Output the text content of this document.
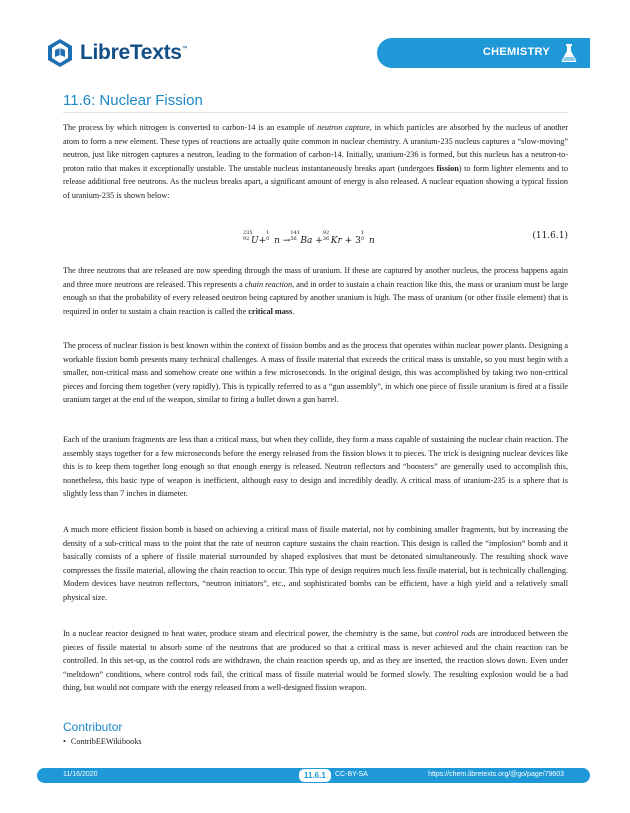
LibreTexts ™	CHEMISTRY
11.6: Nuclear Fission

The process by which nitrogen is converted to carbon-14 is an example of neutron capture, in which particles are absorbed by the nucleus of another atom to form a new element. These types of reactions are actually quite common in nuclear chemistry. A uranium-235 nucleus captures a “slow-moving” neutron, just like nitrogen captures a neutron, leading to the formation of carbon-14. Initially, uranium-236 is formed, but this nucleus has a neutron-to-proton ratio that makes it exceptionally unstable. The unstable nucleus instantaneously breaks apart (undergoes fission) to form lighter elements and to release additional free neutrons. As the nucleus breaks apart, a significant amount of energy is also released. A nuclear equation showing a typical fission of uranium-235 is shown below:

235
92 U+
1
0 n →
141
56 Ba +
92
36 Kr + 3
1
0 n	(11.6.1)

The three neutrons that are released are now speeding through the mass of uranium. If these are captured by another nucleus, the process happens again and three more neutrons are released. This represents a chain reaction, and in order to sustain a chain reaction like this, the mass or uranium must be large enough so that the probability of every released neutron being captured by another uranium is high. The mass of uranium (or other fissile element) that is required in order to sustain a chain reaction is called the critical mass.

The process of nuclear fission is best known within the context of fission bombs and as the process that operates within nuclear power plants. Designing a workable fission bomb presents many technical challenges. A mass of fissile material that exceeds the critical mass is unstable, so you must begin with a smaller, non-critical mass and somehow create one within a few microseconds. In the original design, this was accomplished by taking two non-critical pieces and forcing them together (very rapidly). This is typically referred to as a “gun assembly”, in which one piece of fissile uranium is fired at a fissile uranium target at the end of the weapon, similar to firing a bullet down a gun barrel.

Each of the uranium fragments are less than a critical mass, but when they collide, they form a mass capable of sustaining the nuclear chain reaction. The assembly stays together for a few microseconds before the energy released from the fission blows it to pieces. The trick is designing nuclear devices like this is to keep them together long enough so that enough energy is released. Neutron reflectors and “boosters” are generally used to accomplish this, nonetheless, this basic type of weapon is inefficient, although easy to design and incredibly deadly. A critical mass of uranium-235 is a sphere that is slightly less than 7 inches in diameter.

A much more efficient fission bomb is based on achieving a critical mass of fissile material, not by combining smaller fragments, but by increasing the density of a sub-critical mass to the point that the rate of neutron capture sustains the chain reaction. This design is called the “implosion” bomb and it basically consists of a sphere of fissile material surrounded by shaped explosives that must be detonated simultaneously. The resulting shock wave compresses the fissile material, allowing the chain reaction to occur. This type of design requires much less fissile material, but is technically challenging. Modern devices have neutron reflectors, “neutron initiators”, etc., and sophisticated bombs can be efficient, have a high yield and a relatively small physical size.

In a nuclear reactor designed to heat water, produce steam and electrical power, the chemistry is the same, but control rods are introduced between the pieces of fissile material to absorb some of the neutrons that are produced so that a critical mass is never achieved and the chain reaction can be controlled. In this set-up, as the control rods are withdrawn, the chain reaction speeds up, and as they are inserted, the reaction slows down. Even under “meltdown” conditions, where control rods fail, the critical mass of fissile material would be formed slowly. The resulting explosion would be a bad thing, but would not compare with the energy released from a well-designed fission weapon.

Contributor
• ContribEEWikibooks
11/16/2020	11.6.1	CC-BY-SA	https://chem.libretexts.org/@go/page/79603
